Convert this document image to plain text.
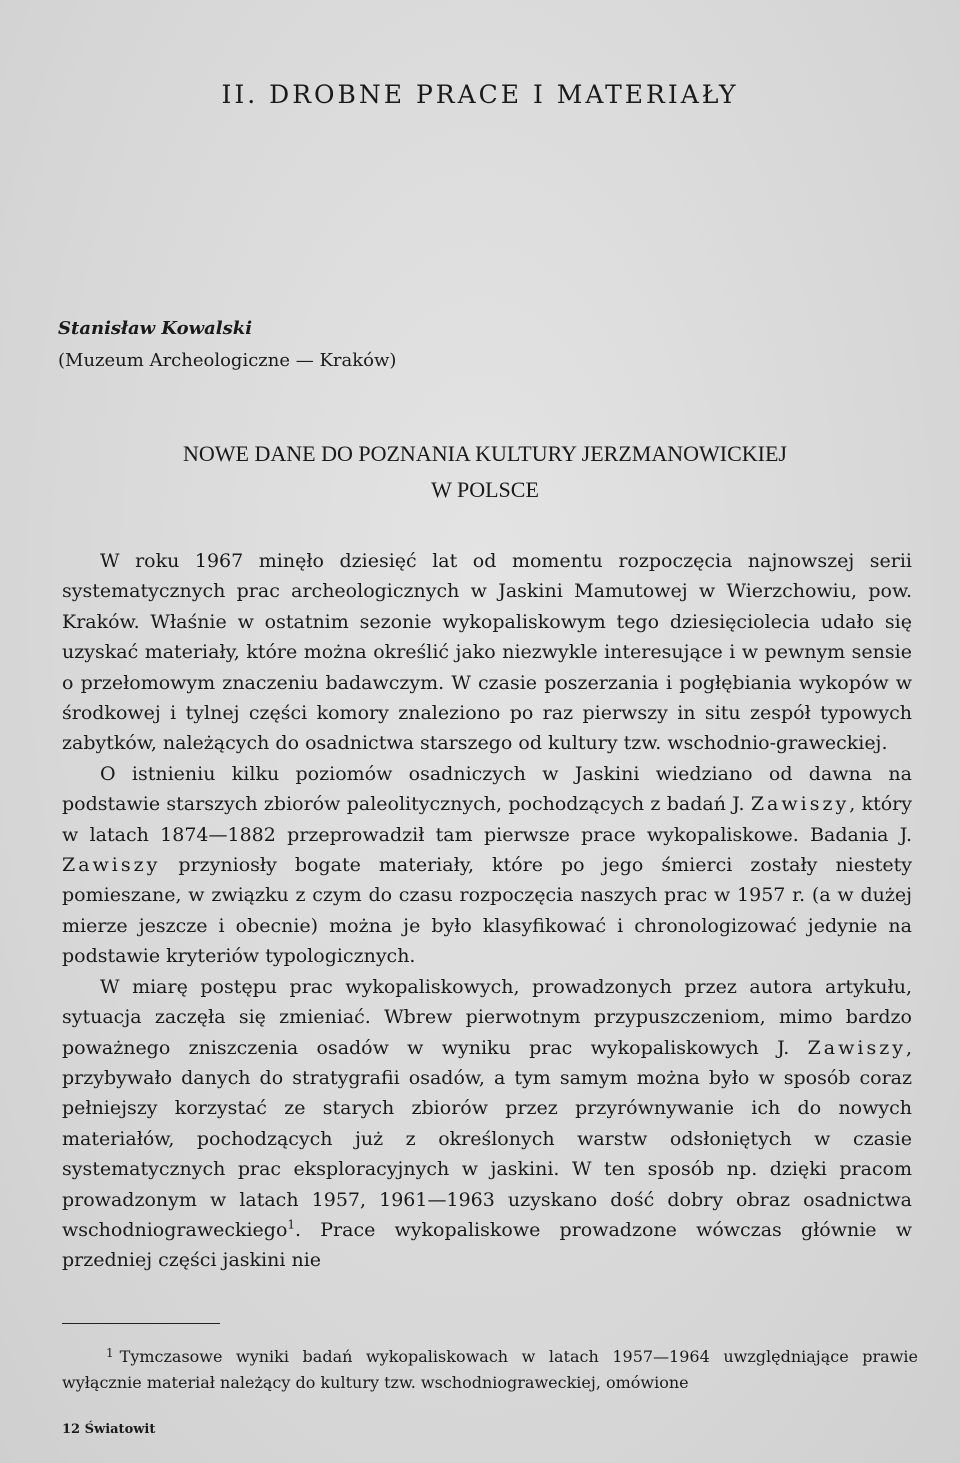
II. DROBNE PRACE I MATERIAŁY
Stanisław Kowalski
(Muzeum Archeologiczne — Kraków)
NOWE DANE DO POZNANIA KULTURY JERZMANOWICKIEJ
W POLSCE

W roku 1967 minęło dziesięć lat od momentu rozpoczęcia najnowszej serii systematycznych prac archeologicznych w Jaskini Mamutowej w Wierzchowiu, pow. Kraków. Właśnie w ostatnim sezonie wykopaliskowym tego dziesięciolecia udało się uzyskać materiały, które można określić jako niezwykle interesujące i w pewnym sensie o przełomowym znaczeniu badawczym. W czasie poszerzania i pogłębiania wykopów w środkowej i tylnej części komory znaleziono po raz pierwszy in situ zespół typowych zabytków, należących do osadnictwa starszego od kultury tzw. wschodnio-graweckiej.

O istnieniu kilku poziomów osadniczych w Jaskini wiedziano od dawna na podstawie starszych zbiorów paleolitycznych, pochodzących z badań J. Zawiszy, który w latach 1874—1882 przeprowadził tam pierwsze prace wykopaliskowe. Badania J. Zawiszy przyniosły bogate materiały, które po jego śmierci zostały niestety pomieszane, w związku z czym do czasu rozpoczęcia naszych prac w 1957 r. (a w dużej mierze jeszcze i obecnie) można je było klasyfikować i chronologizować jedynie na podstawie kryteriów typologicznych.

W miarę postępu prac wykopaliskowych, prowadzonych przez autora artykułu, sytuacja zaczęła się zmieniać. Wbrew pierwotnym przypuszczeniom, mimo bardzo poważnego zniszczenia osadów w wyniku prac wykopaliskowych J. Zawiszy, przybywało danych do stratygrafii osadów, a tym samym można było w sposób coraz pełniejszy korzystać ze starych zbiorów przez przyrównywanie ich do nowych materiałów, pochodzących już z określonych warstw odsłoniętych w czasie systematycznych prac eksploracyjnych w jaskini. W ten sposób np. dzięki pracom prowadzonym w latach 1957, 1961—1963 uzyskano dość dobry obraz osadnictwa wschodniograweckiego$^1$. Prace wykopaliskowe prowadzone wówczas głównie w przedniej części jaskini nie

$^1$ Tymczasowe wyniki badań wykopaliskowach w latach 1957—1964 uwzględniające prawie wyłącznie materiał należący do kultury tzw. wschodniograweckiej, omówione
12 Światowit
